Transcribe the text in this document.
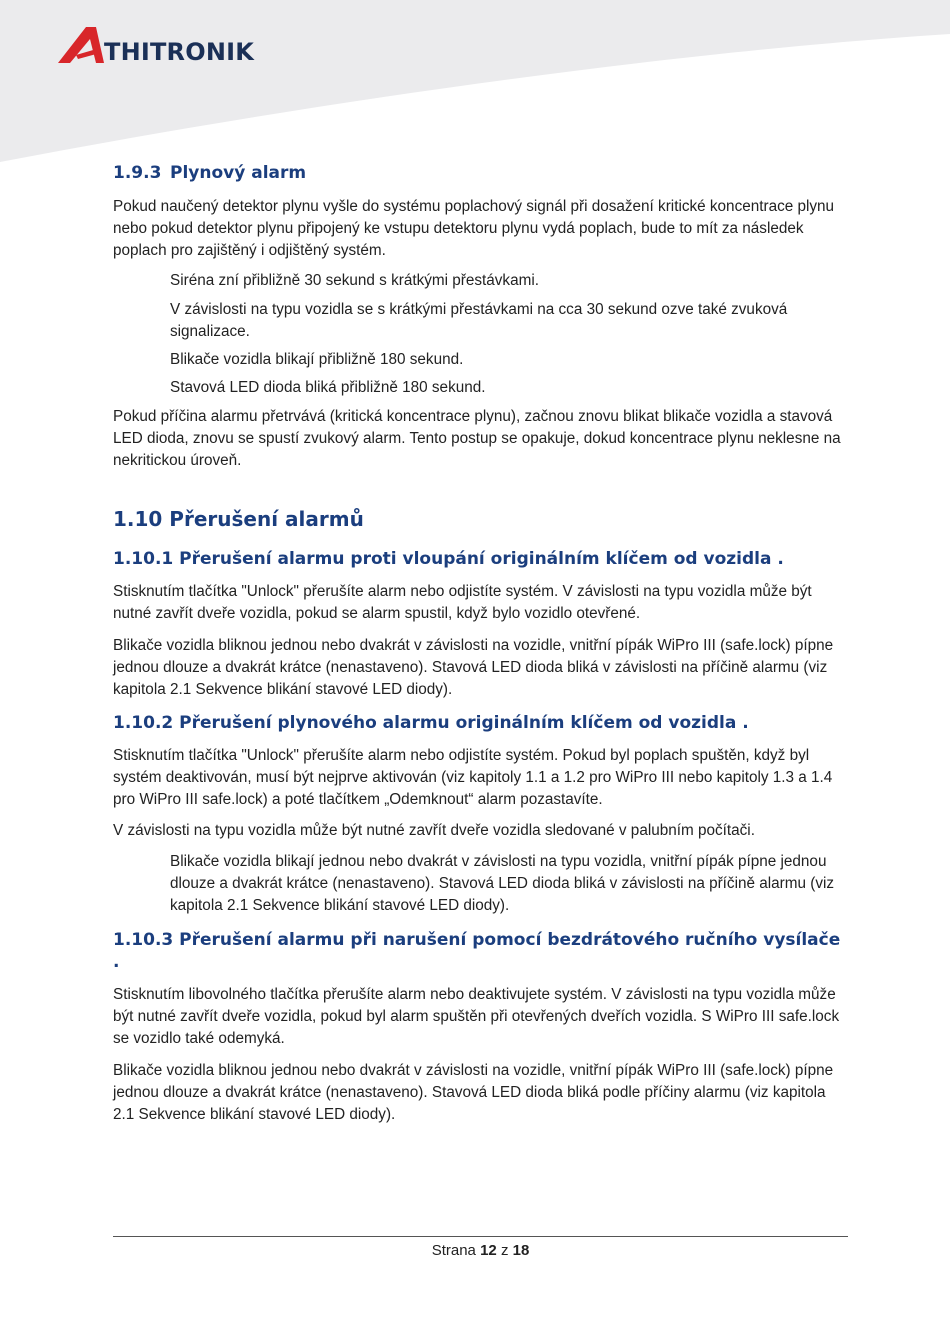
THITRONIK
1.9.3 Plynový alarm

Pokud naučený detektor plynu vyšle do systému poplachový signál při dosažení kritické koncentrace plynu nebo pokud detektor plynu připojený ke vstupu detektoru plynu vydá poplach, bude to mít za následek poplach pro zajištěný i odjištěný systém.

Siréna zní přibližně 30 sekund s krátkými přestávkami.

V závislosti na typu vozidla se s krátkými přestávkami na cca 30 sekund ozve také zvuková signalizace.

Blikače vozidla blikají přibližně 180 sekund.

Stavová LED dioda bliká přibližně 180 sekund.

Pokud příčina alarmu přetrvává (kritická koncentrace plynu), začnou znovu blikat blikače vozidla a stavová LED dioda, znovu se spustí zvukový alarm. Tento postup se opakuje, dokud koncentrace plynu neklesne na nekritickou úroveň.

1.10 Přerušení alarmů
1.10.1 Přerušení alarmu proti vloupání originálním klíčem od vozidla .

Stisknutím tlačítka "Unlock" přerušíte alarm nebo odjistíte systém. V závislosti na typu vozidla může být nutné zavřít dveře vozidla, pokud se alarm spustil, když bylo vozidlo otevřené.

Blikače vozidla bliknou jednou nebo dvakrát v závislosti na vozidle, vnitřní pípák WiPro III (safe.lock) pípne jednou dlouze a dvakrát krátce (nenastaveno). Stavová LED dioda bliká v závislosti na příčině alarmu (viz kapitola 2.1 Sekvence blikání stavové LED diody).

1.10.2 Přerušení plynového alarmu originálním klíčem od vozidla .

Stisknutím tlačítka "Unlock" přerušíte alarm nebo odjistíte systém. Pokud byl poplach spuštěn, když byl systém deaktivován, musí být nejprve aktivován (viz kapitoly 1.1 a 1.2 pro WiPro III nebo kapitoly 1.3 a 1.4 pro WiPro III safe.lock) a poté tlačítkem „Odemknout“ alarm pozastavíte.

V závislosti na typu vozidla může být nutné zavřít dveře vozidla sledované v palubním počítači.

Blikače vozidla blikají jednou nebo dvakrát v závislosti na typu vozidla, vnitřní pípák pípne jednou dlouze a dvakrát krátce (nenastaveno). Stavová LED dioda bliká v závislosti na příčině alarmu (viz kapitola 2.1 Sekvence blikání stavové LED diody).

1.10.3 Přerušení alarmu při narušení pomocí bezdrátového ručního vysílače .

Stisknutím libovolného tlačítka přerušíte alarm nebo deaktivujete systém. V závislosti na typu vozidla může být nutné zavřít dveře vozidla, pokud byl alarm spuštěn při otevřených dveřích vozidla. S WiPro III safe.lock se vozidlo také odemyká.

Blikače vozidla bliknou jednou nebo dvakrát v závislosti na vozidle, vnitřní pípák WiPro III (safe.lock) pípne jednou dlouze a dvakrát krátce (nenastaveno). Stavová LED dioda bliká podle příčiny alarmu (viz kapitola 2.1 Sekvence blikání stavové LED diody).

Strana 12 z 18
